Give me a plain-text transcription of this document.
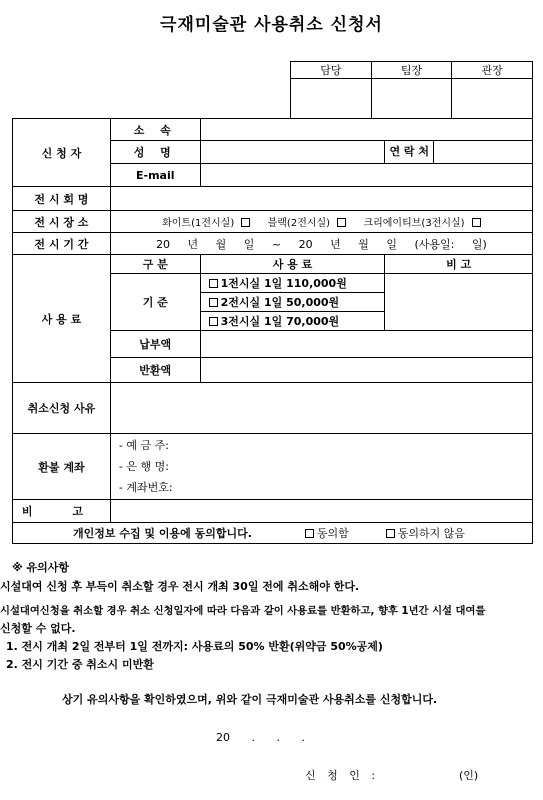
극재미술관 사용취소 신청서
담당	팀장	관장

신 청 자	소 속		
	성 명		연 락 처
	E-mail		
전 시 회 명			
전 시 장 소	화이트(1전시실) 블랙(2전시실) 크리에이티브(3전시실)		
전 시 기 간	20 년 월 일 ~ 20 년 월 일 (사용일: 일)		
사 용 료	구 분	사 용 료	비 고
	기 준	1전시실 1일 110,000원	
		2전시실 1일 50,000원	
		3전시실 1일 70,000원	
	납부액		
	반환액		
취소신청 사유			
환불 계좌	- 예 금 주:
- 은 행 명:
- 계좌번호:		

비 고			
개인정보 수집 및 이용에 동의합니다. 동의함 동의하지 않음			

※ 유의사항

시설대여 신청 후 부득이 취소할 경우 전시 개최 30일 전에 취소해야 한다.

시설대여신청을 취소할 경우 취소 신청일자에 따라 다음과 같이 사용료를 반환하고, 향후 1년간 시설 대여를

신청할 수 없다.

1. 전시 개최 2일 전부터 1일 전까지: 사용료의 50% 반환(위약금 50%공제)

2. 전시 기간 중 취소시 미반환

상기 유의사항을 확인하였으며, 위와 같이 극재미술관 사용취소를 신청합니다.

20 . . .

신 청 인 :	(인)
